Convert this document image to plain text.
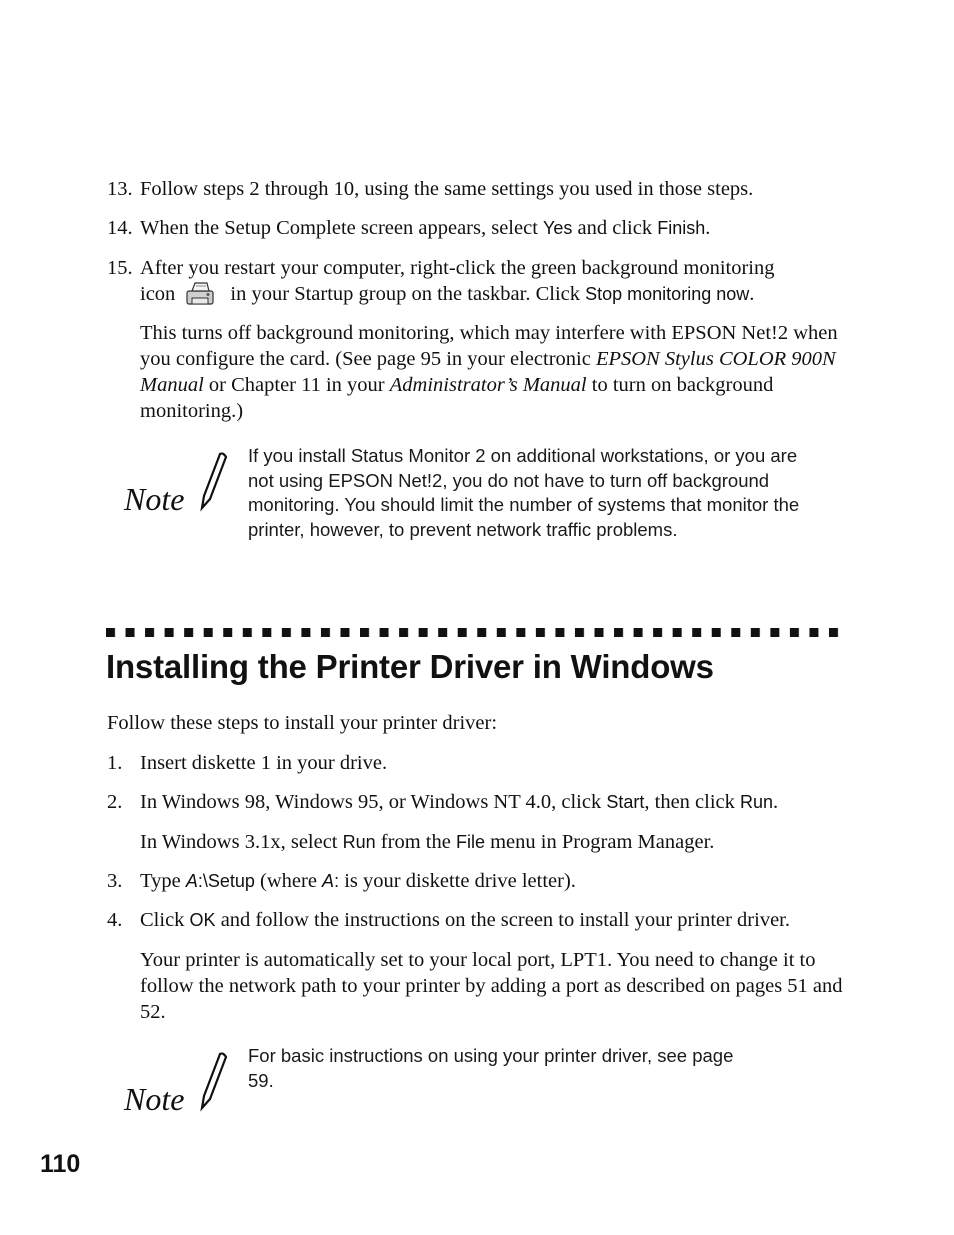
13. Follow steps 2 through 10, using the same settings you used in those steps.
14. When the Setup Complete screen appears, select Yes and click Finish.
15. After you restart your computer, right-click the green background monitoring
icon
in your Startup group on the taskbar. Click Stop monitoring now.
This turns off background monitoring, which may interfere with EPSON Net!2 when you configure the card. (See page 95 in your electronic EPSON Stylus COLOR 900N Manual or Chapter 11 in your Administrator’s Manual to turn on background monitoring.)
Note
If you install Status Monitor 2 on additional workstations, or you are not using EPSON Net!2, you do not have to turn off background monitoring. You should limit the number of systems that monitor the printer, however, to prevent network traffic problems.
Installing the Printer Driver in Windows
Follow these steps to install your printer driver:
1. Insert diskette 1 in your drive.
2. In Windows 98, Windows 95, or Windows NT 4.0, click Start, then click Run.
In Windows 3.1x, select Run from the File menu in Program Manager.
3. Type A:\Setup (where A: is your diskette drive letter).
4. Click OK and follow the instructions on the screen to install your printer driver.
Your printer is automatically set to your local port, LPT1. You need to change it to follow the network path to your printer by adding a port as described on pages 51 and 52.
Note
For basic instructions on using your printer driver, see page 59.
110
